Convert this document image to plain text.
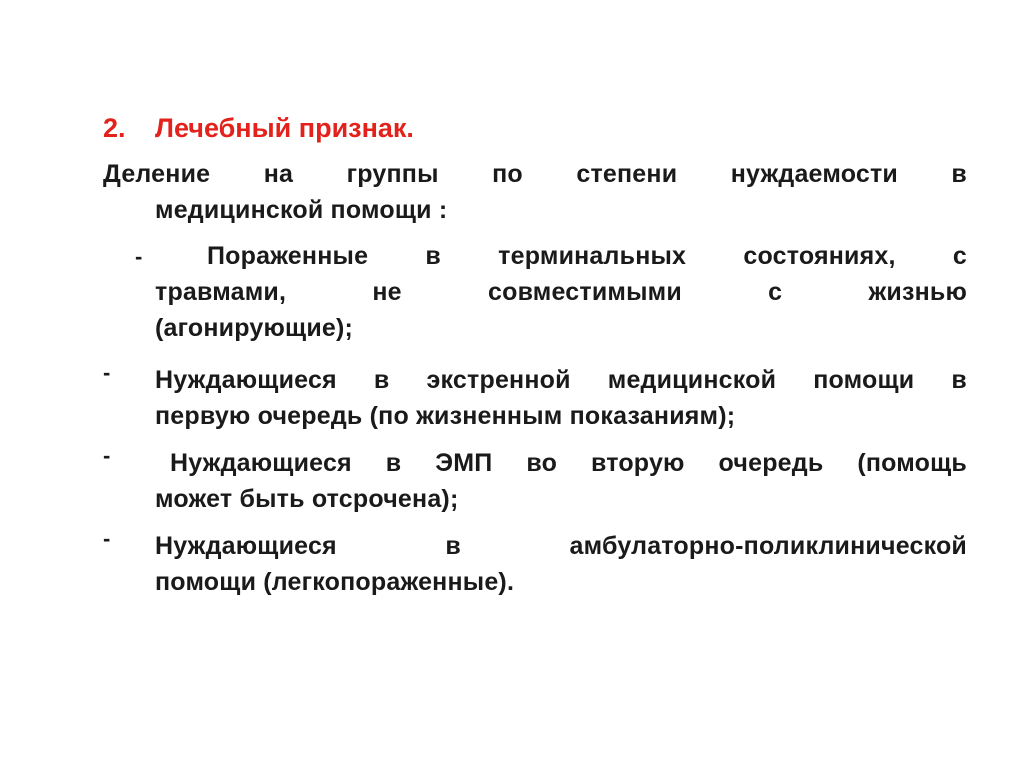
2. Лечебный признак.
Деление на группы по степени нуждаемости в
медицинской помощи :
-	Пораженные в терминальных состояниях, с
травмами, не совместимыми с жизнью
(агонирующие);
- Нуждающиеся в экстренной медицинской помощи в
первую очередь (по жизненным показаниям);
-	Нуждающиеся в ЭМП во вторую очередь (помощь
может быть отсрочена);
- Нуждающиеся в амбулаторно-поликлинической
помощи (легкопораженные).
